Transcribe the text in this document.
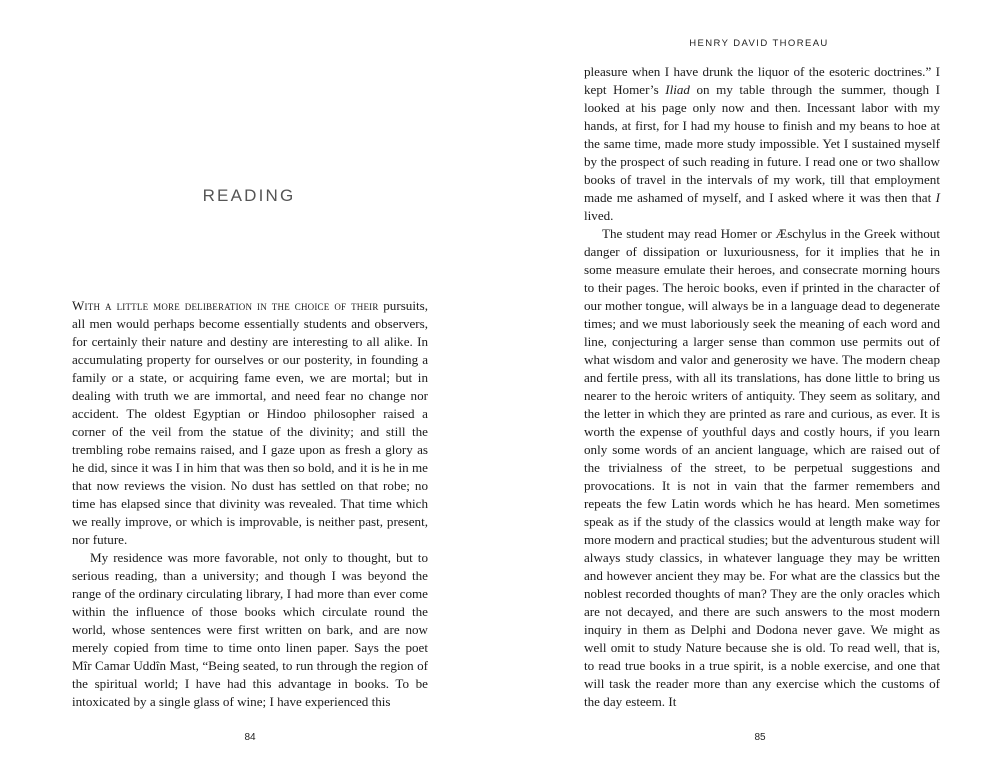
READING

With a little more deliberation in the choice of their pursuits, all men would perhaps become essentially students and observers, for certainly their nature and destiny are interesting to all alike. In accumulating property for ourselves or our posterity, in founding a family or a state, or acquiring fame even, we are mortal; but in dealing with truth we are immortal, and need fear no change nor accident. The oldest Egyptian or Hindoo philosopher raised a corner of the veil from the statue of the divinity; and still the trembling robe remains raised, and I gaze upon as fresh a glory as he did, since it was I in him that was then so bold, and it is he in me that now reviews the vision. No dust has settled on that robe; no time has elapsed since that divinity was revealed. That time which we really improve, or which is improvable, is neither past, present, nor future.

My residence was more favorable, not only to thought, but to serious reading, than a university; and though I was beyond the range of the ordinary circulating library, I had more than ever come within the influence of those books which circulate round the world, whose sentences were first written on bark, and are now merely copied from time to time onto linen paper. Says the poet Mîr Camar Uddîn Mast, “Being seated, to run through the region of the spiritual world; I have had this advantage in books. To be intoxicated by a single glass of wine; I have experienced this

84
HENRY DAVID THOREAU

pleasure when I have drunk the liquor of the esoteric doctrines.” I kept Homer’s Iliad on my table through the summer, though I looked at his page only now and then. Incessant labor with my hands, at first, for I had my house to finish and my beans to hoe at the same time, made more study impossible. Yet I sustained myself by the prospect of such reading in future. I read one or two shallow books of travel in the intervals of my work, till that employment made me ashamed of myself, and I asked where it was then that I lived.

The student may read Homer or Æschylus in the Greek without danger of dissipation or luxuriousness, for it implies that he in some measure emulate their heroes, and consecrate morning hours to their pages. The heroic books, even if printed in the character of our mother tongue, will always be in a language dead to degenerate times; and we must laboriously seek the meaning of each word and line, conjecturing a larger sense than common use permits out of what wisdom and valor and generosity we have. The modern cheap and fertile press, with all its translations, has done little to bring us nearer to the heroic writers of antiquity. They seem as solitary, and the letter in which they are printed as rare and curious, as ever. It is worth the expense of youthful days and costly hours, if you learn only some words of an ancient language, which are raised out of the trivialness of the street, to be perpetual suggestions and provocations. It is not in vain that the farmer remembers and repeats the few Latin words which he has heard. Men sometimes speak as if the study of the classics would at length make way for more modern and practical studies; but the adventurous student will always study classics, in whatever language they may be written and however ancient they may be. For what are the classics but the noblest recorded thoughts of man? They are the only oracles which are not decayed, and there are such answers to the most modern inquiry in them as Delphi and Dodona never gave. We might as well omit to study Nature because she is old. To read well, that is, to read true books in a true spirit, is a noble exercise, and one that will task the reader more than any exercise which the customs of the day esteem. It

85
